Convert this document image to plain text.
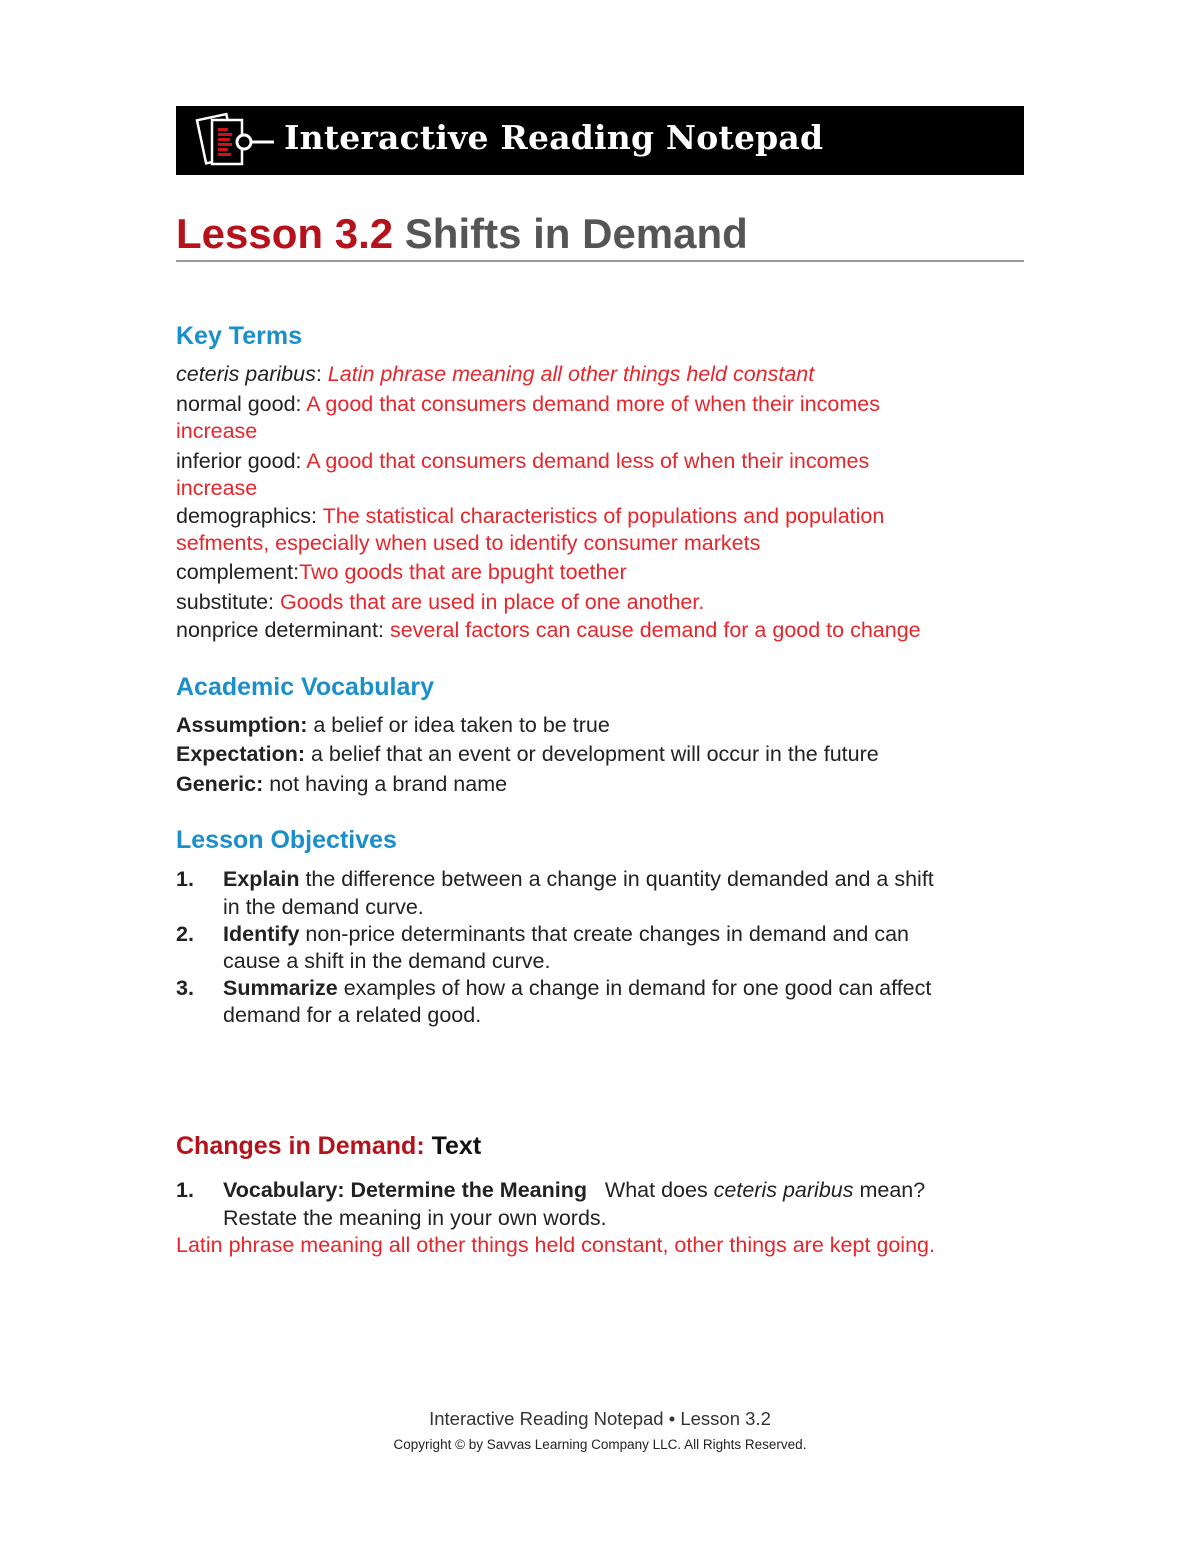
Interactive Reading Notepad
Lesson 3.2 Shifts in Demand
Key Terms
ceteris paribus: Latin phrase meaning all other things held constant
normal good: A good that consumers demand more of when their incomes
increase
inferior good: A good that consumers demand less of when their incomes
increase
demographics: The statistical characteristics of populations and population
sefments, especially when used to identify consumer markets
complement:Two goods that are bpught toether
substitute: Goods that are used in place of one another.
nonprice determinant: several factors can cause demand for a good to change
Academic Vocabulary
Assumption: a belief or idea taken to be true
Expectation: a belief that an event or development will occur in the future
Generic: not having a brand name
Lesson Objectives
1. Explain the difference between a change in quantity demanded and a shift
in the demand curve.
2. Identify non-price determinants that create changes in demand and can
cause a shift in the demand curve.
3. Summarize examples of how a change in demand for one good can affect
demand for a related good.
Changes in Demand: Text
1. Vocabulary: Determine the Meaning   What does ceteris paribus mean?
Restate the meaning in your own words.
Latin phrase meaning all other things held constant, other things are kept going.
Interactive Reading Notepad • Lesson 3.2
Copyright © by Savvas Learning Company LLC. All Rights Reserved.
